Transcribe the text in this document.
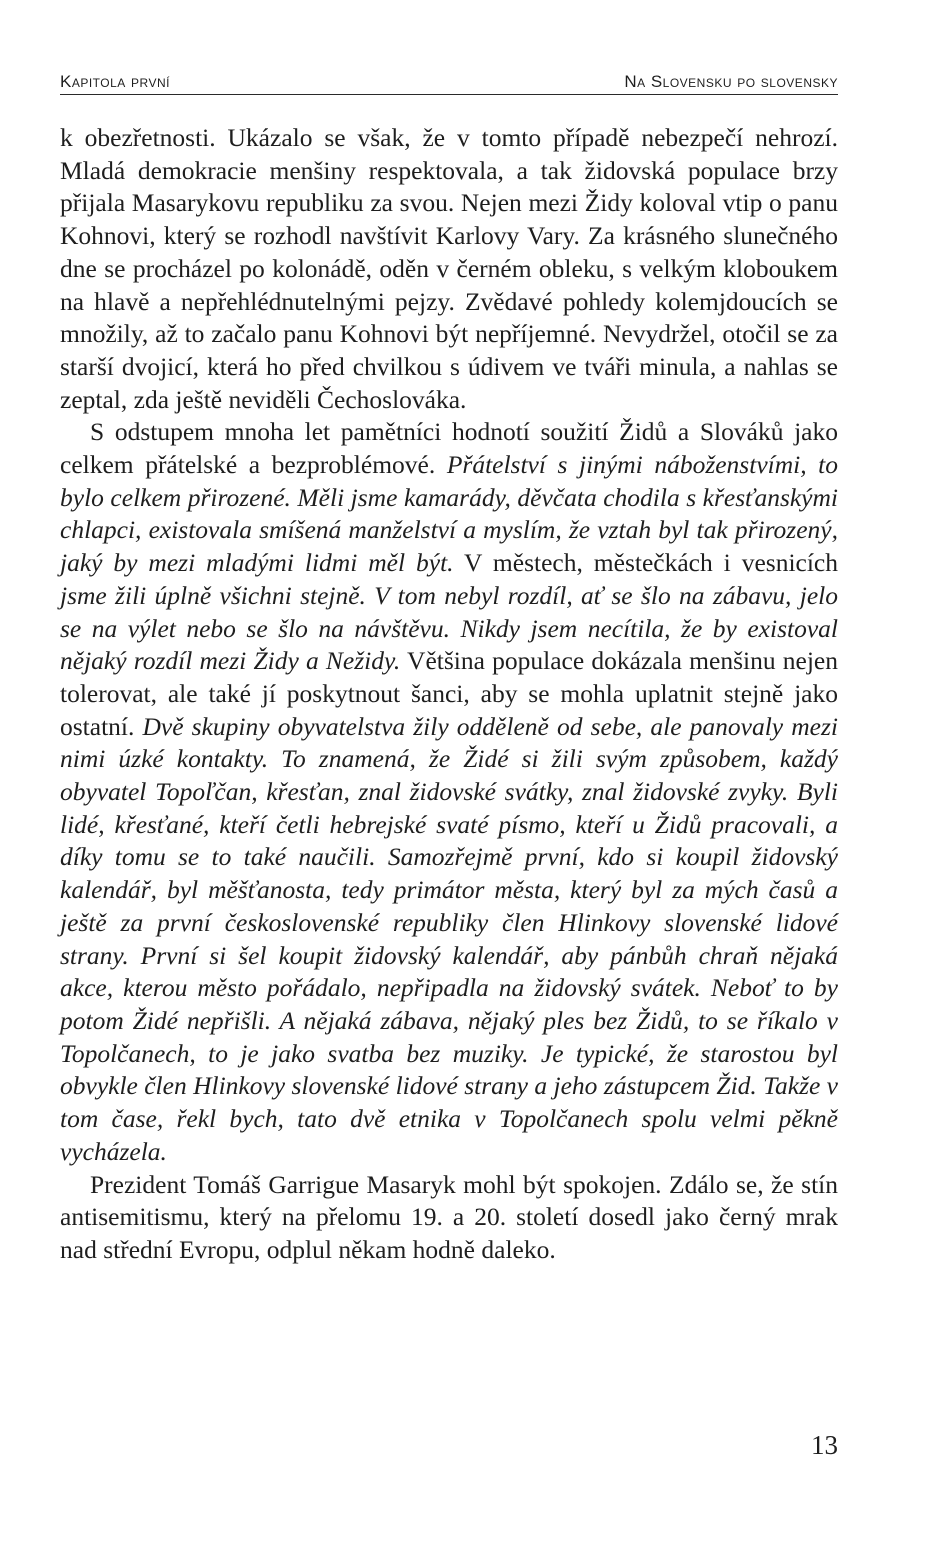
Kapitola první	Na Slovensku po slovensky

k obezřetnosti. Ukázalo se však, že v tomto případě nebezpečí nehrozí. Mladá demokracie menšiny respektovala, a tak židovská populace brzy přijala Masarykovu republiku za svou. Nejen mezi Židy koloval vtip o panu Kohnovi, který se rozhodl navštívit Karlovy Vary. Za krásného slunečného dne se procházel po kolonádě, oděn v černém obleku, s velkým kloboukem na hlavě a nepřehlédnutelnými pejzy. Zvědavé pohledy kolemjdoucích se množily, až to začalo panu Kohnovi být nepříjemné. Nevydržel, otočil se za starší dvojicí, která ho před chvilkou s údivem ve tváři minula, a nahlas se zeptal, zda ještě neviděli Čechoslováka.

S odstupem mnoha let pamětníci hodnotí soužití Židů a Slováků jako celkem přátelské a bezproblémové. Přátelství s jinými náboženstvími, to bylo celkem přirozené. Měli jsme kamarády, děvčata chodila s křesťanskými chlapci, existovala smíšená manželství a myslím, že vztah byl tak přirozený, jaký by mezi mladými lidmi měl být. V městech, městečkách i vesnicích jsme žili úplně všichni stejně. V tom nebyl rozdíl, ať se šlo na zábavu, jelo se na výlet nebo se šlo na návštěvu. Nikdy jsem necítila, že by existoval nějaký rozdíl mezi Židy a Nežidy. Většina populace dokázala menšinu nejen tolerovat, ale také jí poskytnout šanci, aby se mohla uplatnit stejně jako ostatní. Dvě skupiny obyvatelstva žily odděleně od sebe, ale panovaly mezi nimi úzké kontakty. To znamená, že Židé si žili svým způsobem, každý obyvatel Topoľčan, křesťan, znal židovské svátky, znal židovské zvyky. Byli lidé, křesťané, kteří četli hebrejské svaté písmo, kteří u Židů pracovali, a díky tomu se to také naučili. Samozřejmě první, kdo si koupil židovský kalendář, byl měšťanosta, tedy primátor města, který byl za mých časů a ještě za první československé republiky člen Hlinkovy slovenské lidové strany. První si šel koupit židovský kalendář, aby pánbůh chraň nějaká akce, kterou město pořádalo, nepřipadla na židovský svátek. Neboť to by potom Židé nepřišli. A nějaká zábava, nějaký ples bez Židů, to se říkalo v Topolčanech, to je jako svatba bez muziky. Je typické, že starostou byl obvykle člen Hlinkovy slovenské lidové strany a jeho zástupcem Žid. Takže v tom čase, řekl bych, tato dvě etnika v Topolčanech spolu velmi pěkně vycházela.

Prezident Tomáš Garrigue Masaryk mohl být spokojen. Zdálo se, že stín antisemitismu, který na přelomu 19. a 20. století dosedl jako černý mrak nad střední Evropu, odplul někam hodně daleko.

13
